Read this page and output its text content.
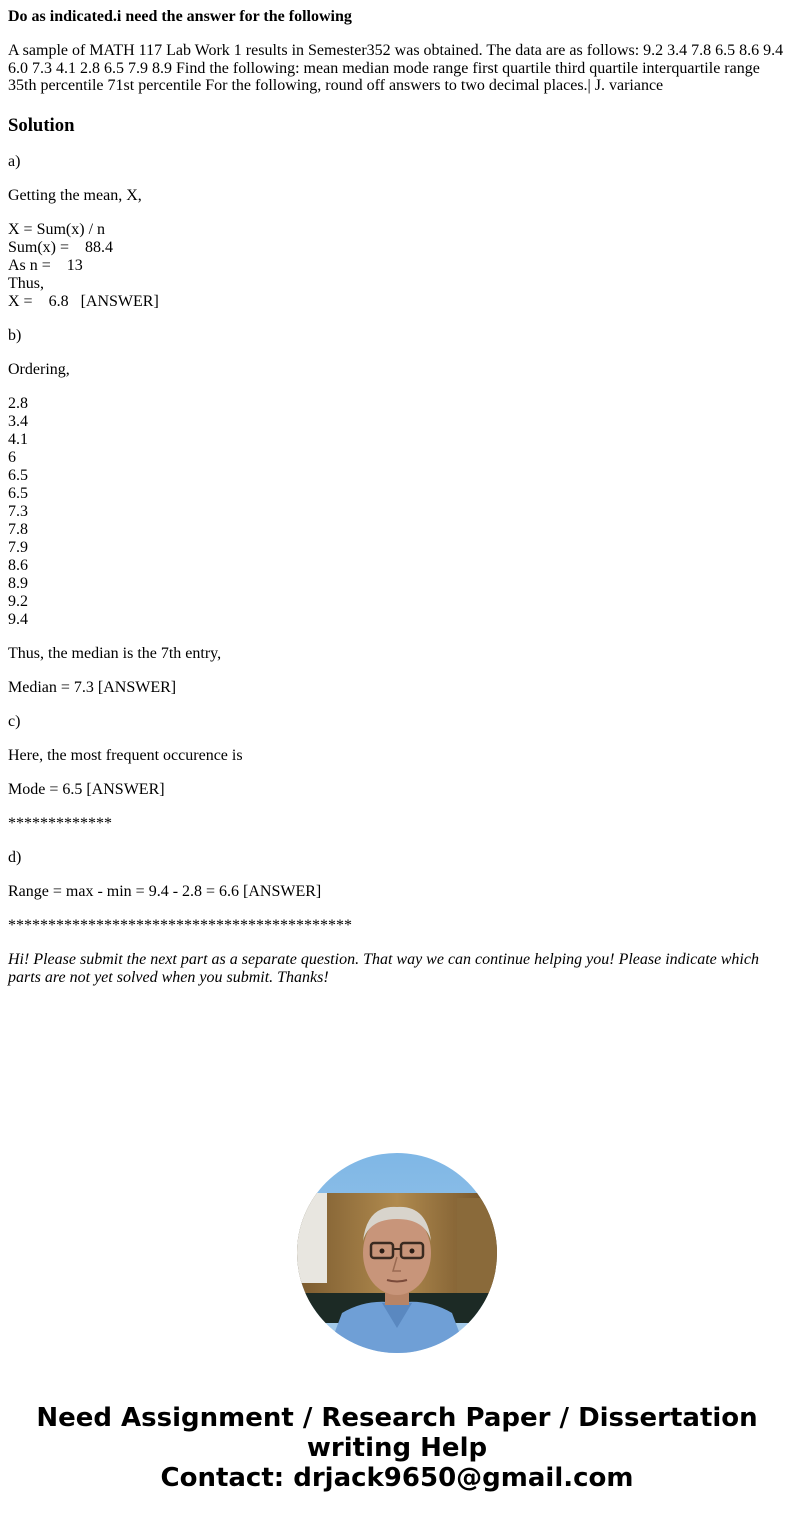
Do as indicated.i need the answer for the following
A sample of MATH 117 Lab Work 1 results in Semester352 was obtained. The data are as follows: 9.2 3.4 7.8 6.5 8.6 9.4 6.0 7.3 4.1 2.8 6.5 7.9 8.9 Find the following: mean median mode range first quartile third quartile interquartile range 35th percentile 71st percentile For the following, round off answers to two decimal places.| J. variance
Solution

a)

Getting the mean, X,

X = Sum(x) / n
Sum(x) =    88.4
As n =    13
Thus,
X =    6.8   [ANSWER]

b)

Ordering,

2.8
3.4
4.1
6
6.5
6.5
7.3
7.8
7.9
8.6
8.9
9.2
9.4

Thus, the median is the 7th entry,

Median = 7.3 [ANSWER]

c)

Here, the most frequent occurence is

Mode = 6.5 [ANSWER]

*************

d)

Range = max - min = 9.4 - 2.8 = 6.6 [ANSWER]

*******************************************

Hi! Please submit the next part as a separate question. That way we can continue helping you! Please indicate which parts are not yet solved when you submit. Thanks!
Need Assignment / Research Paper / Dissertation
writing Help
Contact: drjack9650@gmail.com
